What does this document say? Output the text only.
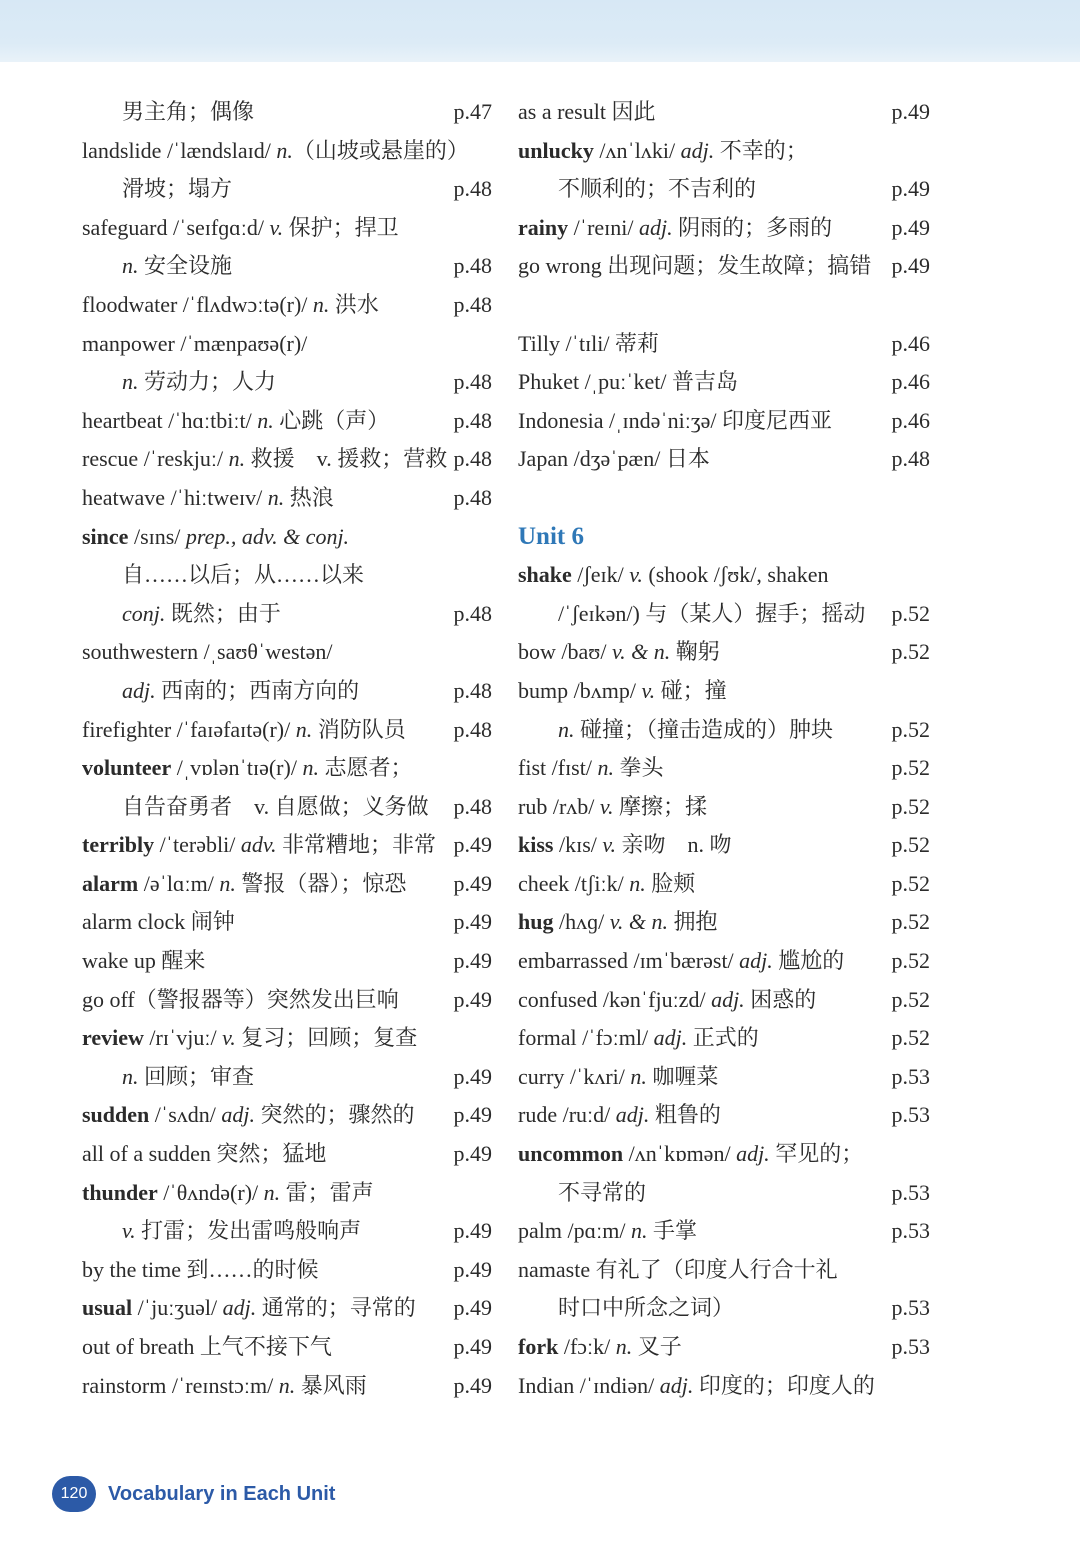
男主角；偶像	p.47
landslide /ˈlændslaɪd/ n.（山坡或悬崖的）
滑坡；塌方	p.48
safeguard /ˈseɪfɡɑːd/ v. 保护；捍卫
n. 安全设施	p.48
floodwater /ˈflʌdwɔːtə(r)/ n. 洪水	p.48
manpower /ˈmænpaʊə(r)/
n. 劳动力；人力	p.48
heartbeat /ˈhɑːtbiːt/ n. 心跳（声）	p.48
rescue /ˈreskjuː/ n. 救援　v. 援救；营救 p.48
heatwave /ˈhiːtweɪv/ n. 热浪	p.48
since /sɪns/ prep., adv. & conj.
自……以后；从……以来
conj. 既然；由于	p.48
southwestern /ˌsaʊθˈwestən/
adj. 西南的；西南方向的	p.48
firefighter /ˈfaɪəfaɪtə(r)/ n. 消防队员 p.48
volunteer /ˌvɒlənˈtɪə(r)/ n. 志愿者；
自告奋勇者　v. 自愿做；义务做 p.48
terribly /ˈterəbli/ adv. 非常糟地；非常 p.49
alarm /əˈlɑːm/ n. 警报（器）；惊恐 p.49
alarm clock 闹钟	p.49
wake up 醒来	p.49
go off（警报器等）突然发出巨响 p.49
review /rɪˈvjuː/ v. 复习；回顾；复查
n. 回顾；审查	p.49
sudden /ˈsʌdn/ adj. 突然的；骤然的 p.49
all of a sudden 突然；猛地	p.49
thunder /ˈθʌndə(r)/ n. 雷；雷声
v. 打雷；发出雷鸣般响声	p.49
by the time 到……的时候	p.49
usual /ˈjuːʒuəl/ adj. 通常的；寻常的 p.49
out of breath 上气不接下气	p.49
rainstorm /ˈreɪnstɔːm/ n. 暴风雨	p.49
as a result 因此	p.49
unlucky /ʌnˈlʌki/ adj. 不幸的；
不顺利的；不吉利的	p.49
rainy /ˈreɪni/ adj. 阴雨的；多雨的	p.49
go wrong 出现问题；发生故障；搞错 p.49
Tilly /ˈtɪli/ 蒂莉	p.46
Phuket /ˌpuːˈket/ 普吉岛	p.46
Indonesia /ˌɪndəˈniːʒə/ 印度尼西亚	p.46
Japan /dʒəˈpæn/ 日本	p.48
Unit 6
shake /ʃeɪk/ v. (shook /ʃʊk/, shaken
/ˈʃeɪkən/) 与（某人）握手；摇动 p.52
bow /baʊ/ v. & n. 鞠躬	p.52
bump /bʌmp/ v. 碰；撞
n. 碰撞；（撞击造成的）肿块	p.52
fist /fɪst/ n. 拳头	p.52
rub /rʌb/ v. 摩擦；揉	p.52
kiss /kɪs/ v. 亲吻　n. 吻	p.52
cheek /tʃiːk/ n. 脸颊	p.52
hug /hʌɡ/ v. & n. 拥抱	p.52
embarrassed /ɪmˈbærəst/ adj. 尴尬的 p.52
confused /kənˈfjuːzd/ adj. 困惑的	p.52
formal /ˈfɔːml/ adj. 正式的	p.52
curry /ˈkʌri/ n. 咖喱菜	p.53
rude /ruːd/ adj. 粗鲁的	p.53
uncommon /ʌnˈkɒmən/ adj. 罕见的；
不寻常的	p.53
palm /pɑːm/ n. 手掌	p.53
namaste 有礼了（印度人行合十礼
时口中所念之词）	p.53
fork /fɔːk/ n. 叉子	p.53
Indian /ˈɪndiən/ adj. 印度的；印度人的
120	Vocabulary in Each Unit
